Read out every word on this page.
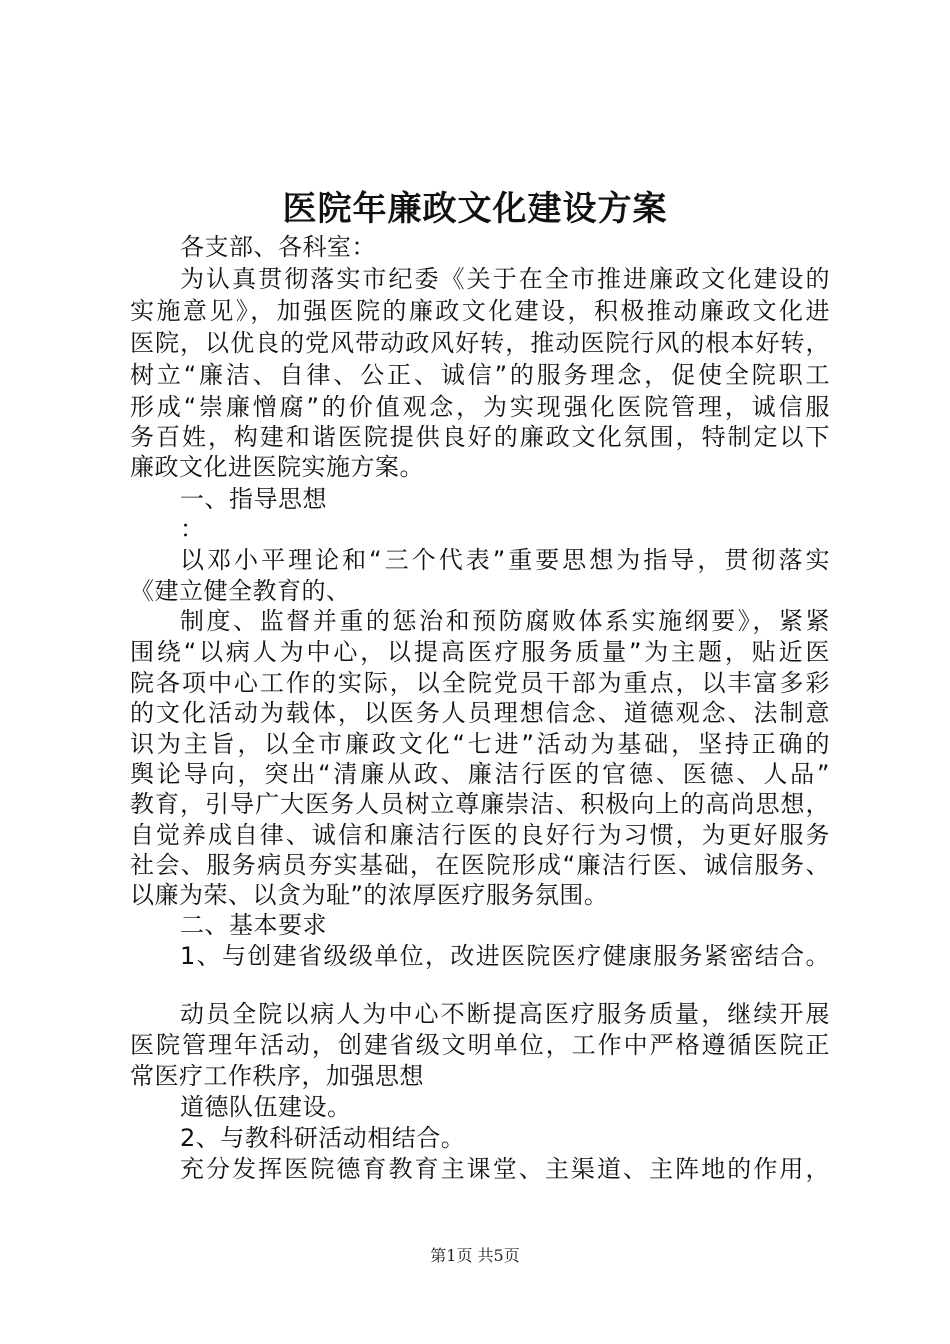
医院年廉政文化建设方案

各支部、各科室：

为认真贯彻落实市纪委《关于在全市推进廉政文化建设的

实施意见》，加强医院的廉政文化建设，积极推动廉政文化进

医院，以优良的党风带动政风好转，推动医院行风的根本好转，

树立“廉洁、自律、公正、诚信”的服务理念，促使全院职工

形成“崇廉憎腐”的价值观念，为实现强化医院管理，诚信服

务百姓，构建和谐医院提供良好的廉政文化氛围，特制定以下

廉政文化进医院实施方案。

一、指导思想

：

以邓小平理论和“三个代表”重要思想为指导，贯彻落实

《建立健全教育的、

制度、监督并重的惩治和预防腐败体系实施纲要》，紧紧

围绕“以病人为中心，以提高医疗服务质量”为主题，贴近医

院各项中心工作的实际，以全院党员干部为重点，以丰富多彩

的文化活动为载体，以医务人员理想信念、道德观念、法制意

识为主旨，以全市廉政文化“七进”活动为基础，坚持正确的

舆论导向，突出“清廉从政、廉洁行医的官德、医德、人品”

教育，引导广大医务人员树立尊廉崇洁、积极向上的高尚思想，

自觉养成自律、诚信和廉洁行医的良好行为习惯，为更好服务

社会、服务病员夯实基础，在医院形成“廉洁行医、诚信服务、

以廉为荣、以贪为耻”的浓厚医疗服务氛围。

二、基本要求

1、与创建省级级单位，改进医院医疗健康服务紧密结合。

动员全院以病人为中心不断提高医疗服务质量，继续开展

医院管理年活动，创建省级文明单位，工作中严格遵循医院正

常医疗工作秩序，加强思想

道德队伍建设。

2、与教科研活动相结合。

充分发挥医院德育教育主课堂、主渠道、主阵地的作用，

第1页 共5页
